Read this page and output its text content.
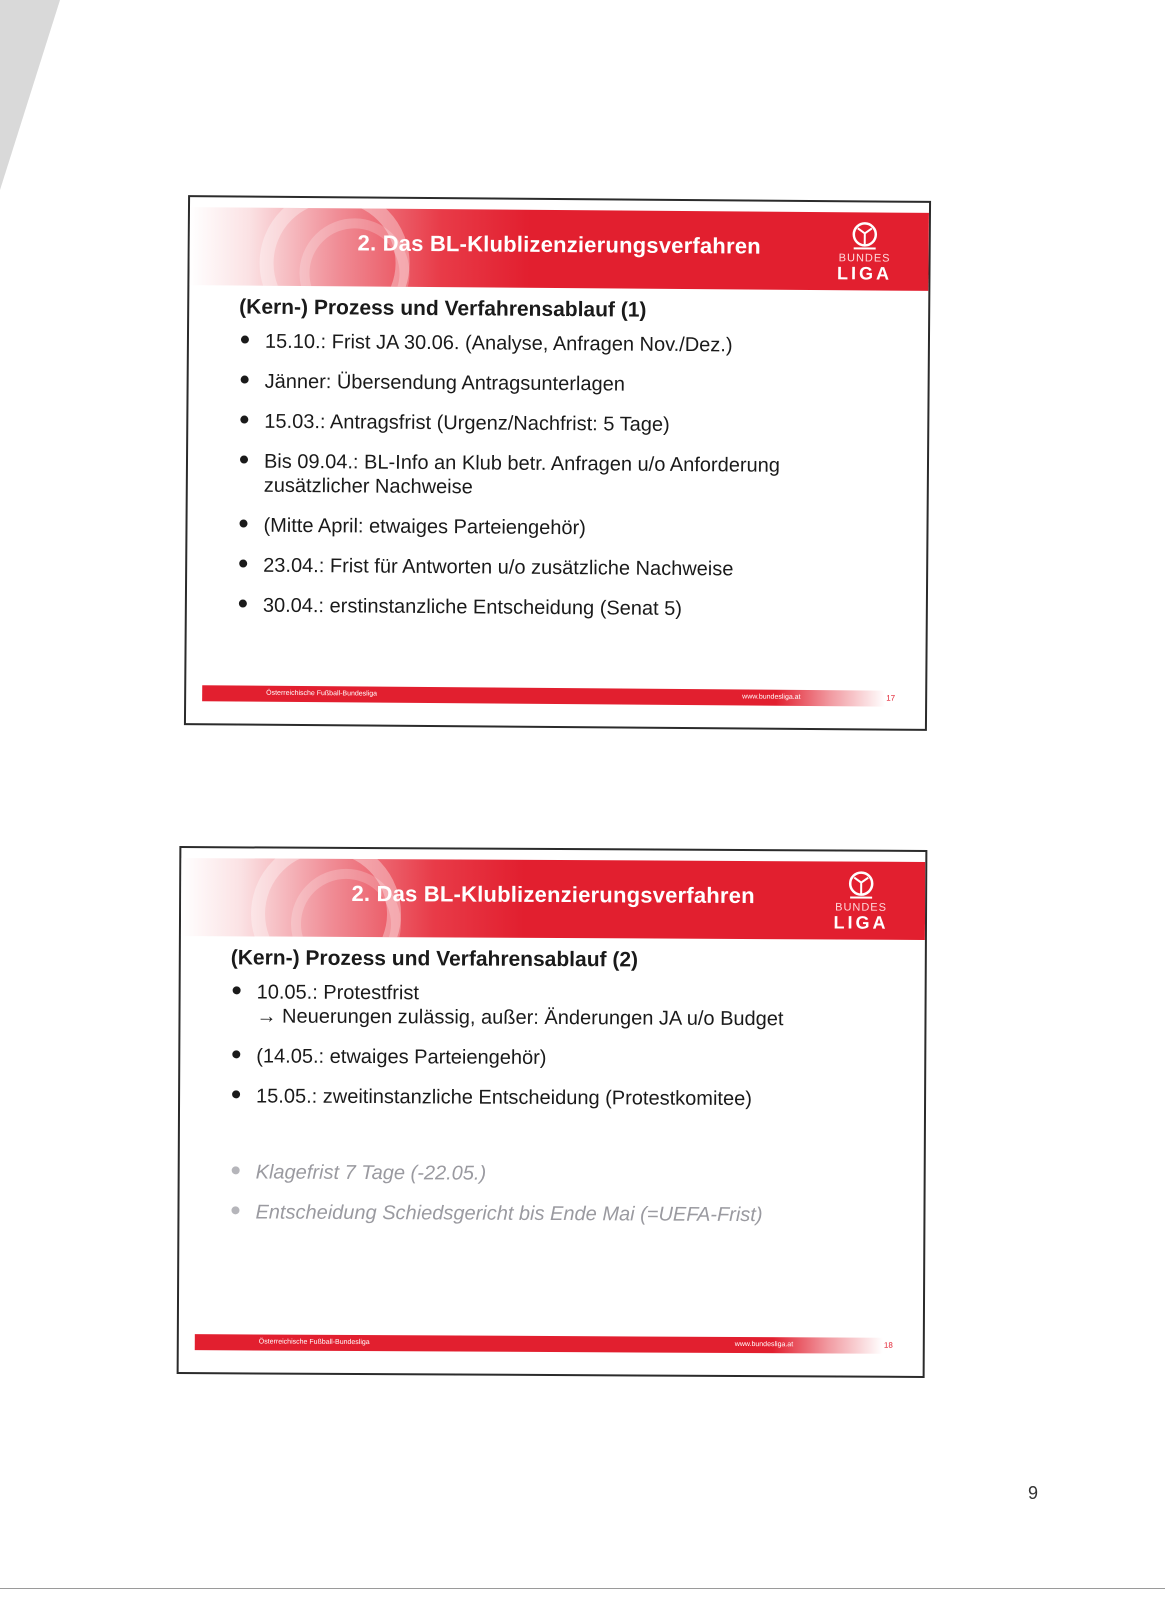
2. Das BL-Klublizenzierungsverfahren	BUNDES
LIGA
(Kern-) Prozess und Verfahrensablauf (1)
15.10.: Frist JA 30.06. (Analyse, Anfragen Nov./Dez.)
Jänner: Übersendung Antragsunterlagen
15.03.: Antragsfrist (Urgenz/Nachfrist: 5 Tage)
Bis 09.04.: BL-Info an Klub betr. Anfragen u/o Anforderung
zusätzlicher Nachweise
(Mitte April: etwaiges Parteiengehör)
23.04.: Frist für Antworten u/o zusätzliche Nachweise
30.04.: erstinstanzliche Entscheidung (Senat 5)
Österreichische Fußball-Bundesliga	www.bundesliga.at	17
2. Das BL-Klublizenzierungsverfahren	BUNDES
LIGA
(Kern-) Prozess und Verfahrensablauf (2)
10.05.: Protestfrist
→ Neuerungen zulässig, außer: Änderungen JA u/o Budget
(14.05.: etwaiges Parteiengehör)
15.05.: zweitinstanzliche Entscheidung (Protestkomitee)
Klagefrist 7 Tage (-22.05.)
Entscheidung Schiedsgericht bis Ende Mai (=UEFA-Frist)
Österreichische Fußball-Bundesliga	www.bundesliga.at	18
9
